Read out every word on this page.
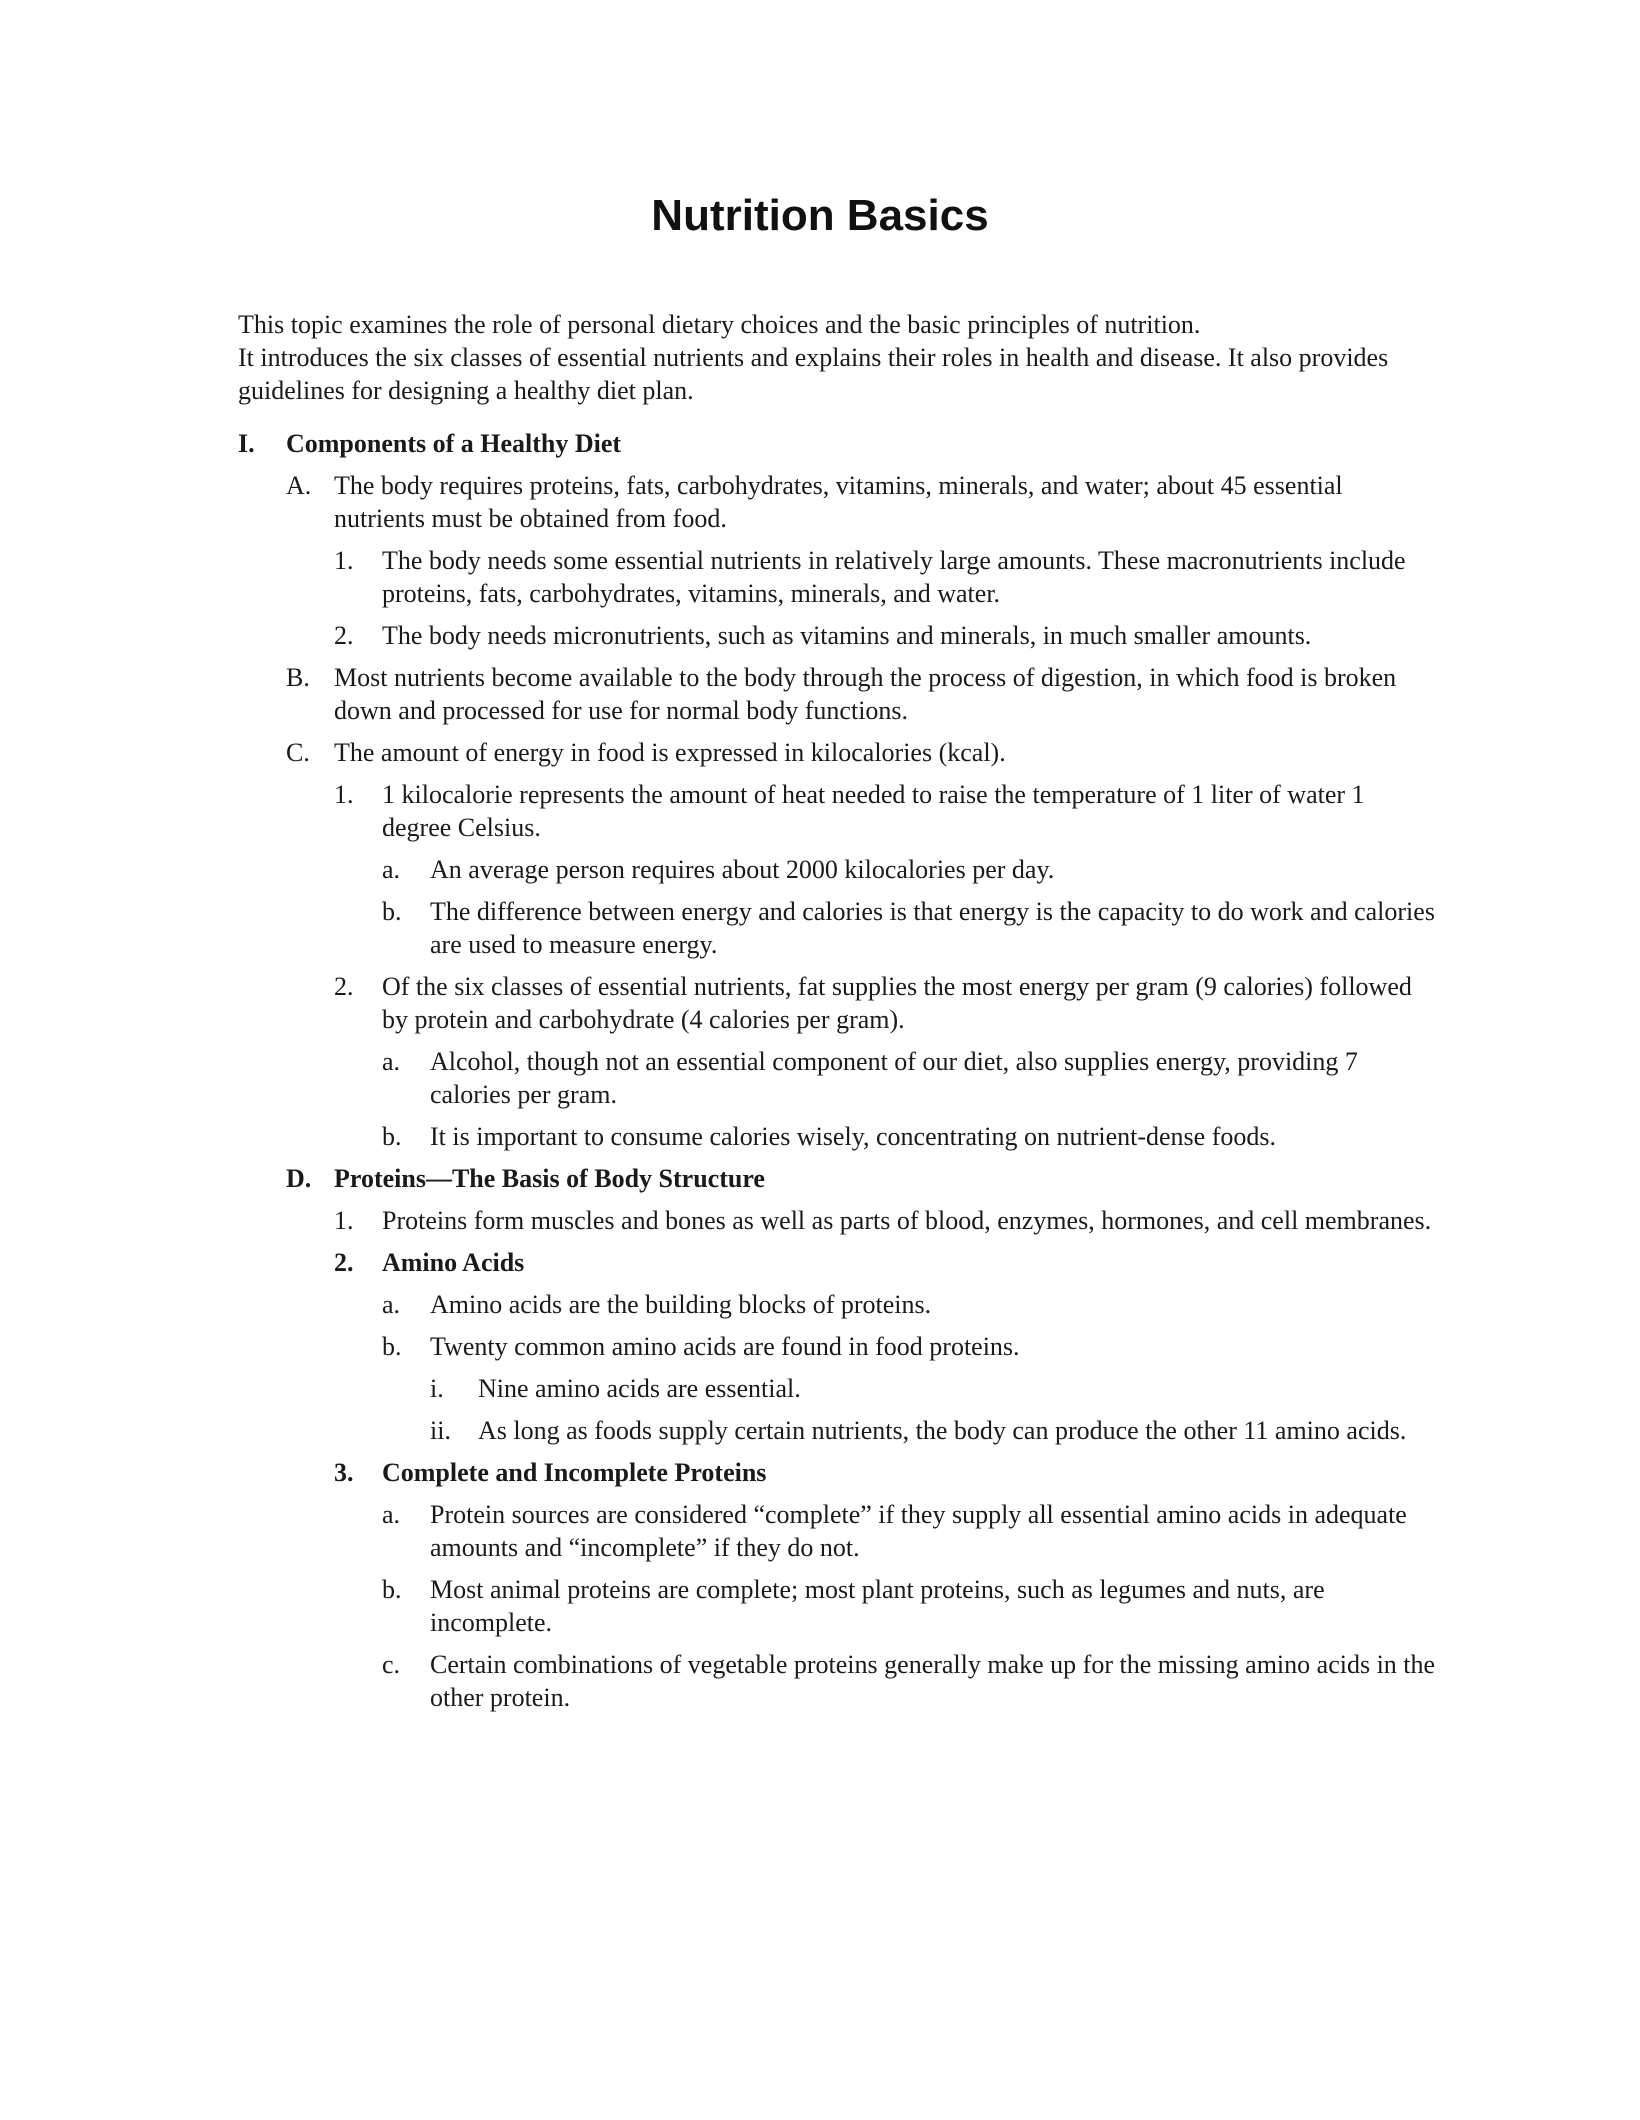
Nutrition Basics
This topic examines the role of personal dietary choices and the basic principles of nutrition.
It introduces the six classes of essential nutrients and explains their roles in health and disease. It also provides guidelines for designing a healthy diet plan.
I.	Components of a Healthy Diet
A. The body requires proteins, fats, carbohydrates, vitamins, minerals, and water; about 45 essential nutrients must be obtained from food.
1.	The body needs some essential nutrients in relatively large amounts. These macronutrients include proteins, fats, carbohydrates, vitamins, minerals, and water.
2.	The body needs micronutrients, such as vitamins and minerals, in much smaller amounts.
B. Most nutrients become available to the body through the process of digestion, in which food is broken down and processed for use for normal body functions.
C. The amount of energy in food is expressed in kilocalories (kcal).
1.	1 kilocalorie represents the amount of heat needed to raise the temperature of 1 liter of water 1 degree Celsius.
a.	An average person requires about 2000 kilocalories per day.
b.	The difference between energy and calories is that energy is the capacity to do work and calories are used to measure energy.
2.	Of the six classes of essential nutrients, fat supplies the most energy per gram (9 calories) followed by protein and carbohydrate (4 calories per gram).
a.	Alcohol, though not an essential component of our diet, also supplies energy, providing 7 calories per gram.
b.	It is important to consume calories wisely, concentrating on nutrient-dense foods.
D. Proteins—The Basis of Body Structure
1.	Proteins form muscles and bones as well as parts of blood, enzymes, hormones, and cell membranes.
2.	Amino Acids
a.	Amino acids are the building blocks of proteins.
b.	Twenty common amino acids are found in food proteins.
i.	Nine amino acids are essential.
ii.	As long as foods supply certain nutrients, the body can produce the other 11 amino acids.
3.	Complete and Incomplete Proteins
a.	Protein sources are considered “complete” if they supply all essential amino acids in adequate amounts and “incomplete” if they do not.
b.	Most animal proteins are complete; most plant proteins, such as legumes and nuts, are incomplete.
c.	Certain combinations of vegetable proteins generally make up for the missing amino acids in the other protein.
